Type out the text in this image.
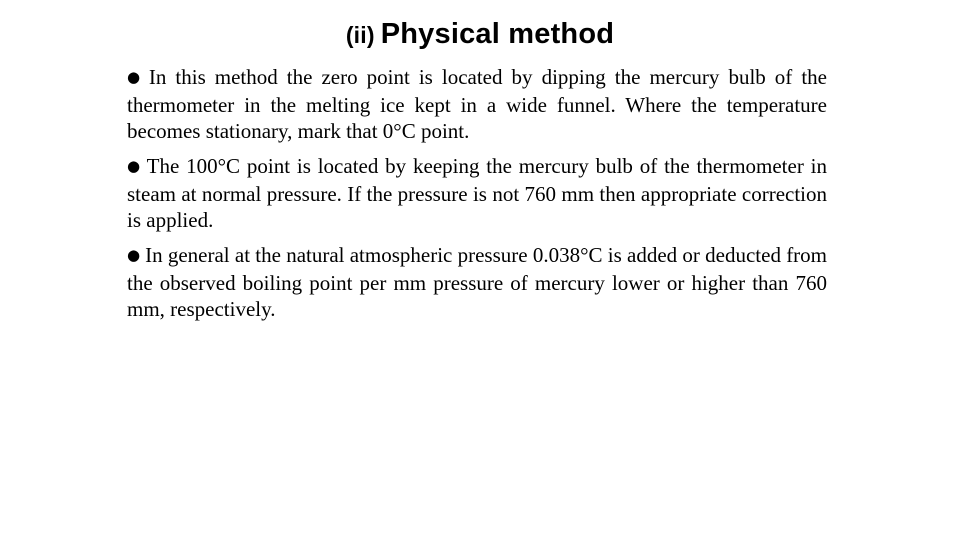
(ii) Physical method

● In this method the zero point is located by dipping the mercury bulb of the thermometer in the melting ice kept in a wide funnel. Where the temperature becomes stationary, mark that 0°C point.

● The 100°C point is located by keeping the mercury bulb of the thermometer in steam at normal pressure. If the pressure is not 760 mm then appropriate correction is applied.

● In general at the natural atmospheric pressure 0.038°C is added or deducted from the observed boiling point per mm pressure of mercury lower or higher than 760 mm, respectively.
